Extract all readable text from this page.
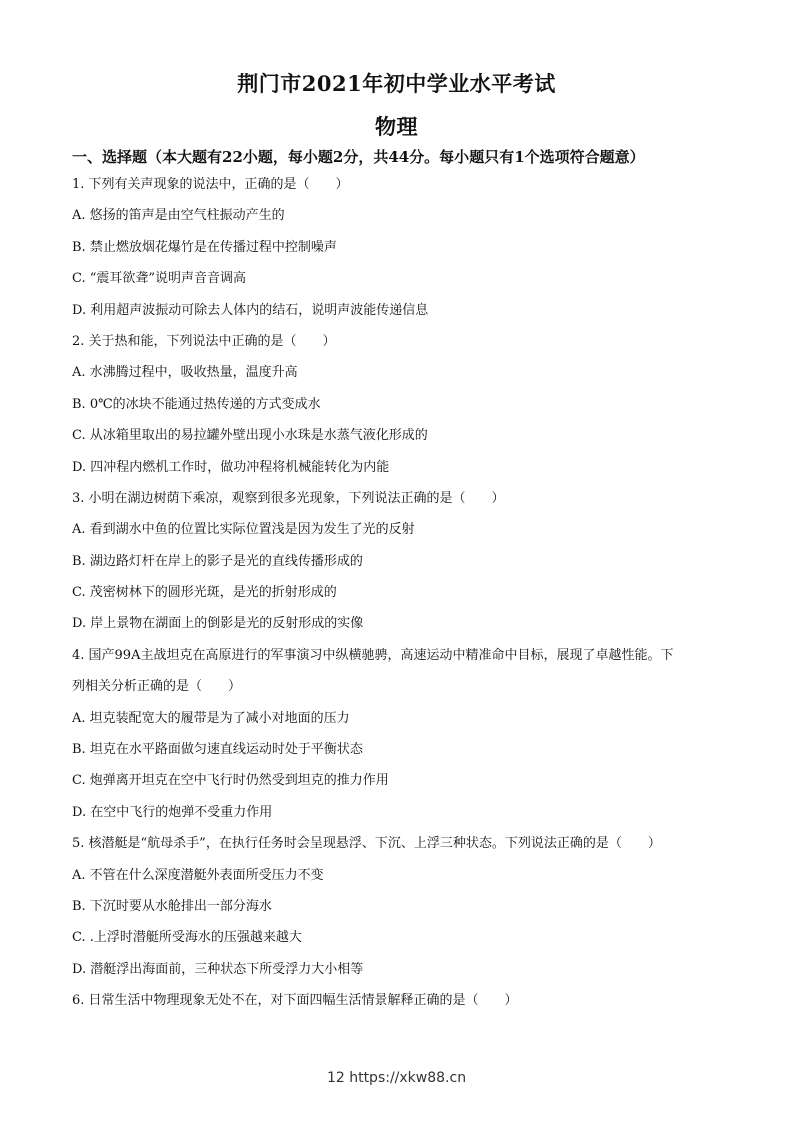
荆门市2021年初中学业水平考试
物理
一、选择题（本大题有22小题，每小题2分，共44分。每小题只有1个选项符合题意）
1. 下列有关声现象的说法中，正确的是（　　）
A. 悠扬的笛声是由空气柱振动产生的
B. 禁止燃放烟花爆竹是在传播过程中控制噪声
C. “震耳欲聋”说明声音音调高
D. 利用超声波振动可除去人体内的结石，说明声波能传递信息
2. 关于热和能，下列说法中正确的是（　　）
A. 水沸腾过程中，吸收热量，温度升高
B. 0℃的冰块不能通过热传递的方式变成水
C. 从冰箱里取出的易拉罐外壁出现小水珠是水蒸气液化形成的
D. 四冲程内燃机工作时，做功冲程将机械能转化为内能
3. 小明在湖边树荫下乘凉，观察到很多光现象，下列说法正确的是（　　）
A. 看到湖水中鱼的位置比实际位置浅是因为发生了光的反射
B. 湖边路灯杆在岸上的影子是光的直线传播形成的
C. 茂密树林下的圆形光斑，是光的折射形成的
D. 岸上景物在湖面上的倒影是光的反射形成的实像
4. 国产99A主战坦克在高原进行的军事演习中纵横驰骋，高速运动中精准命中目标，展现了卓越性能。下
列相关分析正确的是（　　）
A. 坦克装配宽大的履带是为了减小对地面的压力
B. 坦克在水平路面做匀速直线运动时处于平衡状态
C. 炮弹离开坦克在空中飞行时仍然受到坦克的推力作用
D. 在空中飞行的炮弹不受重力作用
5. 核潜艇是“航母杀手”，在执行任务时会呈现悬浮、下沉、上浮三种状态。下列说法正确的是（　　）
A. 不管在什么深度潜艇外表面所受压力不变
B. 下沉时要从水舱排出一部分海水
C. .上浮时潜艇所受海水的压强越来越大
D. 潜艇浮出海面前，三种状态下所受浮力大小相等
6. 日常生活中物理现象无处不在，对下面四幅生活情景解释正确的是（　　）
12 https://xkw88.cn
